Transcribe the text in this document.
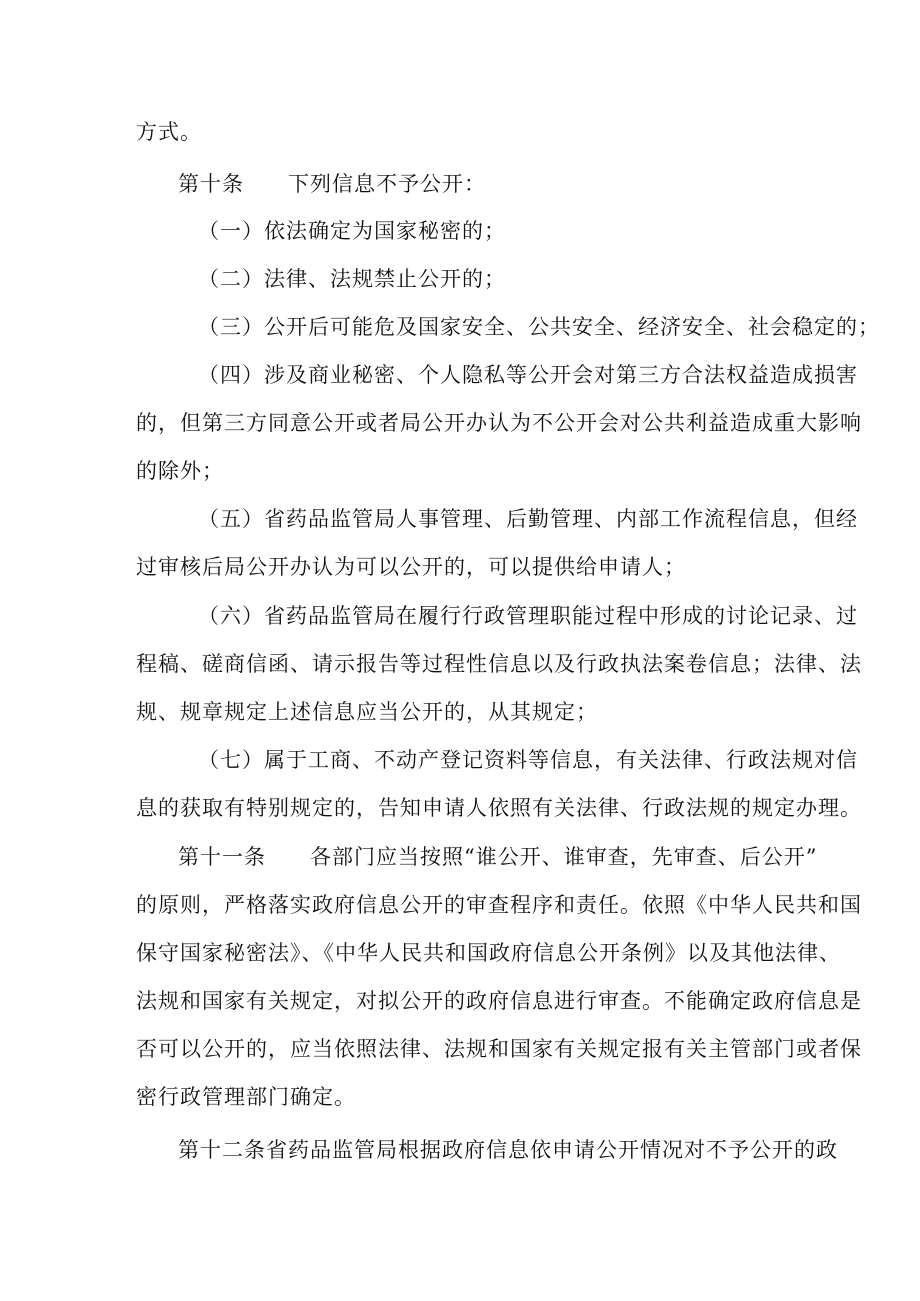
方式。
第十条　　下列信息不予公开：
（一）依法确定为国家秘密的；
（二）法律、法规禁止公开的；
（三）公开后可能危及国家安全、公共安全、经济安全、社会稳定的；
（四）涉及商业秘密、个人隐私等公开会对第三方合法权益造成损害
的，但第三方同意公开或者局公开办认为不公开会对公共利益造成重大影响
的除外；
（五）省药品监管局人事管理、后勤管理、内部工作流程信息，但经
过审核后局公开办认为可以公开的，可以提供给申请人；
（六）省药品监管局在履行行政管理职能过程中形成的讨论记录、过
程稿、磋商信函、请示报告等过程性信息以及行政执法案卷信息；法律、法
规、规章规定上述信息应当公开的，从其规定；
（七）属于工商、不动产登记资料等信息，有关法律、行政法规对信
息的获取有特别规定的，告知申请人依照有关法律、行政法规的规定办理。
第十一条　　各部门应当按照“谁公开、谁审查，先审查、后公开”
的原则，严格落实政府信息公开的审查程序和责任。依照《中华人民共和国
保守国家秘密法》、《中华人民共和国政府信息公开条例》以及其他法律、
法规和国家有关规定，对拟公开的政府信息进行审查。不能确定政府信息是
否可以公开的，应当依照法律、法规和国家有关规定报有关主管部门或者保
密行政管理部门确定。
第十二条省药品监管局根据政府信息依申请公开情况对不予公开的政
